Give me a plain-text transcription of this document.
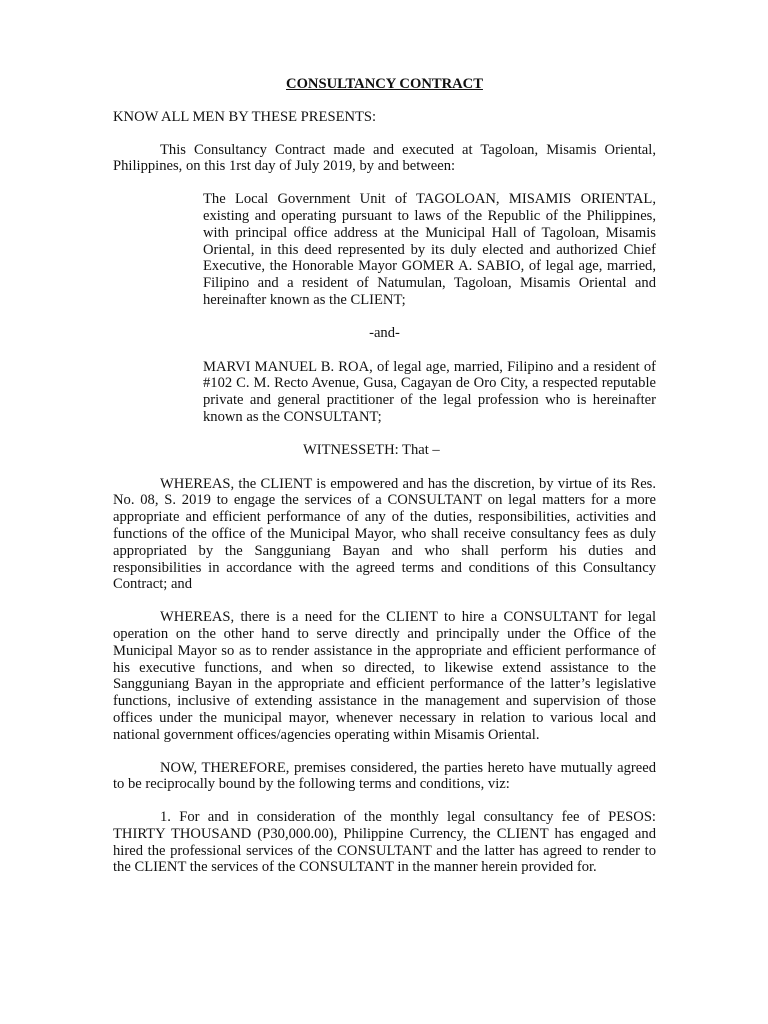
CONSULTANCY CONTRACT

KNOW ALL MEN BY THESE PRESENTS:

This Consultancy Contract made and executed at Tagoloan, Misamis Oriental, Philippines, on this 1rst day of July 2019, by and between:

The Local Government Unit of TAGOLOAN, MISAMIS ORIENTAL, existing and operating pursuant to laws of the Republic of the Philippines, with principal office address at the Municipal Hall of Tagoloan, Misamis Oriental, in this deed represented by its duly elected and authorized Chief Executive, the Honorable Mayor GOMER A. SABIO, of legal age, married, Filipino and a resident of Natumulan, Tagoloan, Misamis Oriental and hereinafter known as the CLIENT;

-and-

MARVI MANUEL B. ROA, of legal age, married, Filipino and a resident of #102 C. M. Recto Avenue, Gusa, Cagayan de Oro City, a respected reputable private and general practitioner of the legal profession who is hereinafter known as the CONSULTANT;

WITNESSETH: That –

WHEREAS, the CLIENT is empowered and has the discretion, by virtue of its Res. No. 08, S. 2019 to engage the services of a CONSULTANT on legal matters for a more appropriate and efficient performance of any of the duties, responsibilities, activities and functions of the office of the Municipal Mayor, who shall receive consultancy fees as duly appropriated by the Sangguniang Bayan and who shall perform his duties and responsibilities in accordance with the agreed terms and conditions of this Consultancy Contract; and

WHEREAS, there is a need for the CLIENT to hire a CONSULTANT for legal operation on the other hand to serve directly and principally under the Office of the Municipal Mayor so as to render assistance in the appropriate and efficient performance of his executive functions, and when so directed, to likewise extend assistance to the Sangguniang Bayan in the appropriate and efficient performance of the latter’s legislative functions, inclusive of extending assistance in the management and supervision of those offices under the municipal mayor, whenever necessary in relation to various local and national government offices/agencies operating within Misamis Oriental.

NOW, THEREFORE, premises considered, the parties hereto have mutually agreed to be reciprocally bound by the following terms and conditions, viz:

1. For and in consideration of the monthly legal consultancy fee of PESOS: THIRTY THOUSAND (P30,000.00), Philippine Currency, the CLIENT has engaged and hired the professional services of the CONSULTANT and the latter has agreed to render to the CLIENT the services of the CONSULTANT in the manner herein provided for.
